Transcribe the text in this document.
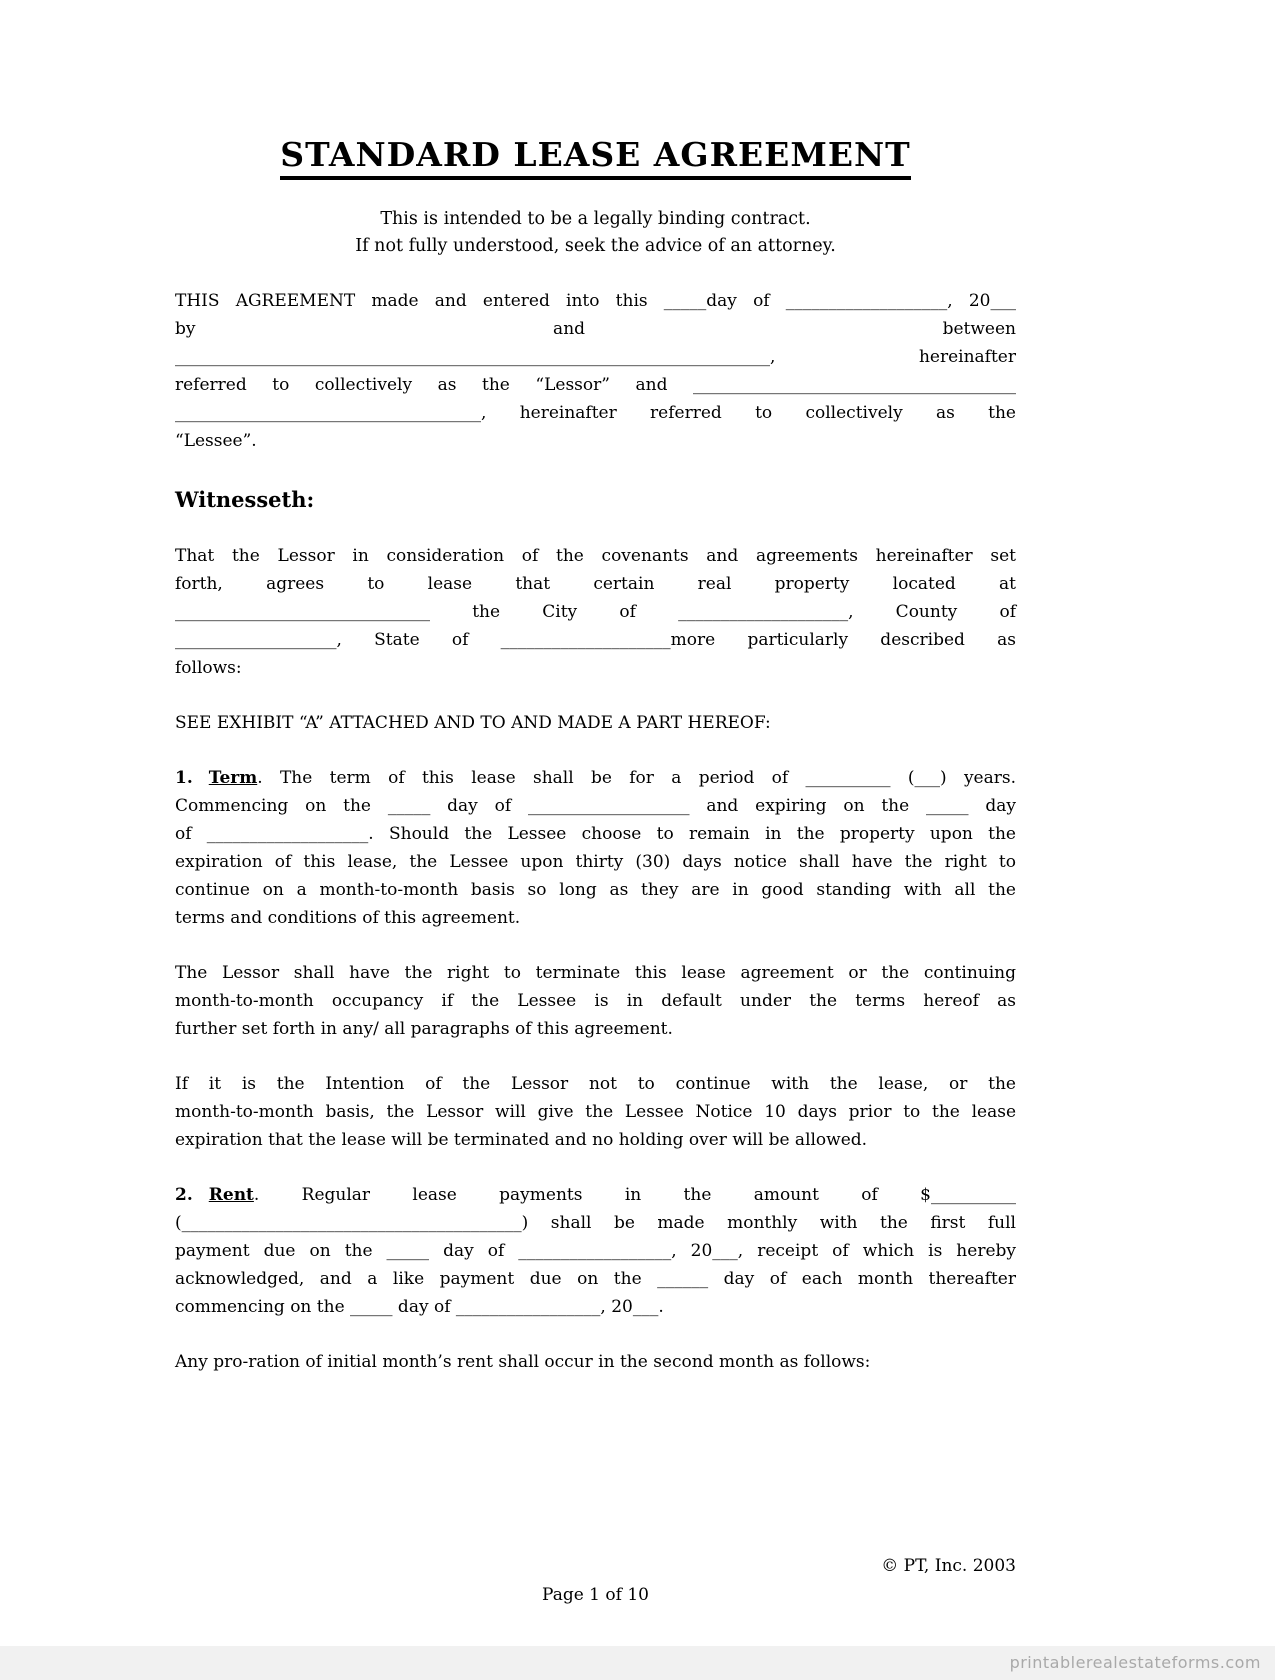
STANDARD LEASE AGREEMENT
This is intended to be a legally binding contract.
If not fully understood, seek the advice of an attorney.
THIS AGREEMENT made and entered into this _____day of ___________________, 20___
by and between
______________________________________________________________________, hereinafter
referred to collectively as the “Lessor” and ______________________________________
____________________________________, hereinafter referred to collectively as the
“Lessee”.
Witnesseth:
That the Lessor in consideration of the covenants and agreements hereinafter set
forth, agrees to lease that certain real property located at
______________________________ the City of ____________________, County of
___________________, State of ____________________more particularly described as
follows:
SEE EXHIBIT “A” ATTACHED AND TO AND MADE A PART HEREOF:
1. Term. The term of this lease shall be for a period of __________ (___) years.
Commencing on the _____ day of ___________________ and expiring on the _____ day
of ___________________. Should the Lessee choose to remain in the property upon the
expiration of this lease, the Lessee upon thirty (30) days notice shall have the right to
continue on a month-to-month basis so long as they are in good standing with all the
terms and conditions of this agreement.
The Lessor shall have the right to terminate this lease agreement or the continuing
month-to-month occupancy if the Lessee is in default under the terms hereof as
further set forth in any/ all paragraphs of this agreement.
If it is the Intention of the Lessor not to continue with the lease, or the
month-to-month basis, the Lessor will give the Lessee Notice 10 days prior to the lease
expiration that the lease will be terminated and no holding over will be allowed.
2. Rent. Regular lease payments in the amount of $__________
(________________________________________) shall be made monthly with the first full
payment due on the _____ day of __________________, 20___, receipt of which is hereby
acknowledged, and a like payment due on the ______ day of each month thereafter
commencing on the _____ day of _________________, 20___.
Any pro-ration of initial month’s rent shall occur in the second month as follows:
© PT, Inc. 2003
Page 1 of 10
printablerealestateforms.com
